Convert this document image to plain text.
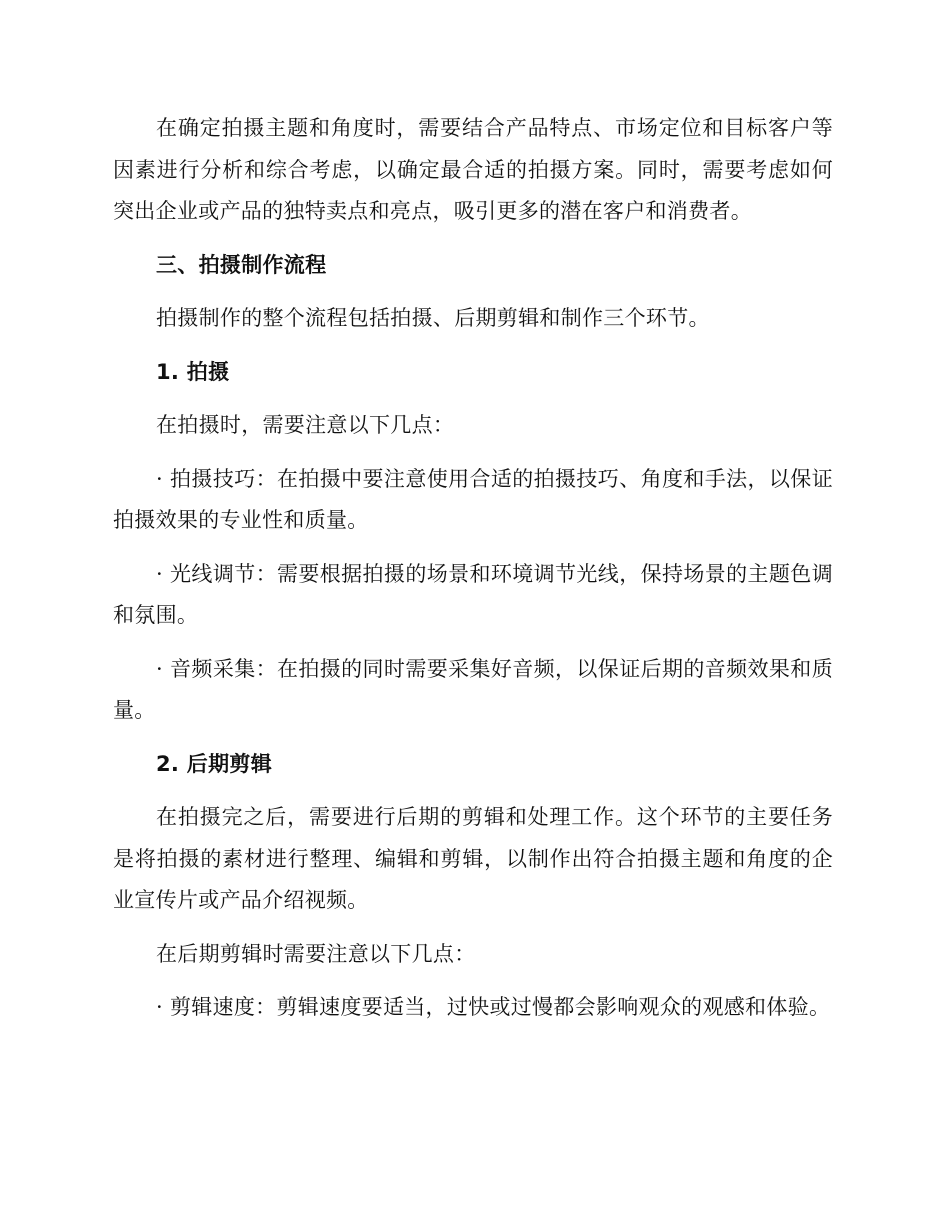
在确定拍摄主题和角度时，需要结合产品特点、市场定位和目标客户等因素进行分析和综合考虑，以确定最合适的拍摄方案。同时，需要考虑如何突出企业或产品的独特卖点和亮点，吸引更多的潜在客户和消费者。

三、拍摄制作流程

拍摄制作的整个流程包括拍摄、后期剪辑和制作三个环节。

1. 拍摄

在拍摄时，需要注意以下几点：

· 拍摄技巧：在拍摄中要注意使用合适的拍摄技巧、角度和手法，以保证拍摄效果的专业性和质量。

· 光线调节：需要根据拍摄的场景和环境调节光线，保持场景的主题色调和氛围。

· 音频采集：在拍摄的同时需要采集好音频，以保证后期的音频效果和质量。

2. 后期剪辑

在拍摄完之后，需要进行后期的剪辑和处理工作。这个环节的主要任务是将拍摄的素材进行整理、编辑和剪辑，以制作出符合拍摄主题和角度的企业宣传片或产品介绍视频。

在后期剪辑时需要注意以下几点：

· 剪辑速度：剪辑速度要适当，过快或过慢都会影响观众的观感和体验。
